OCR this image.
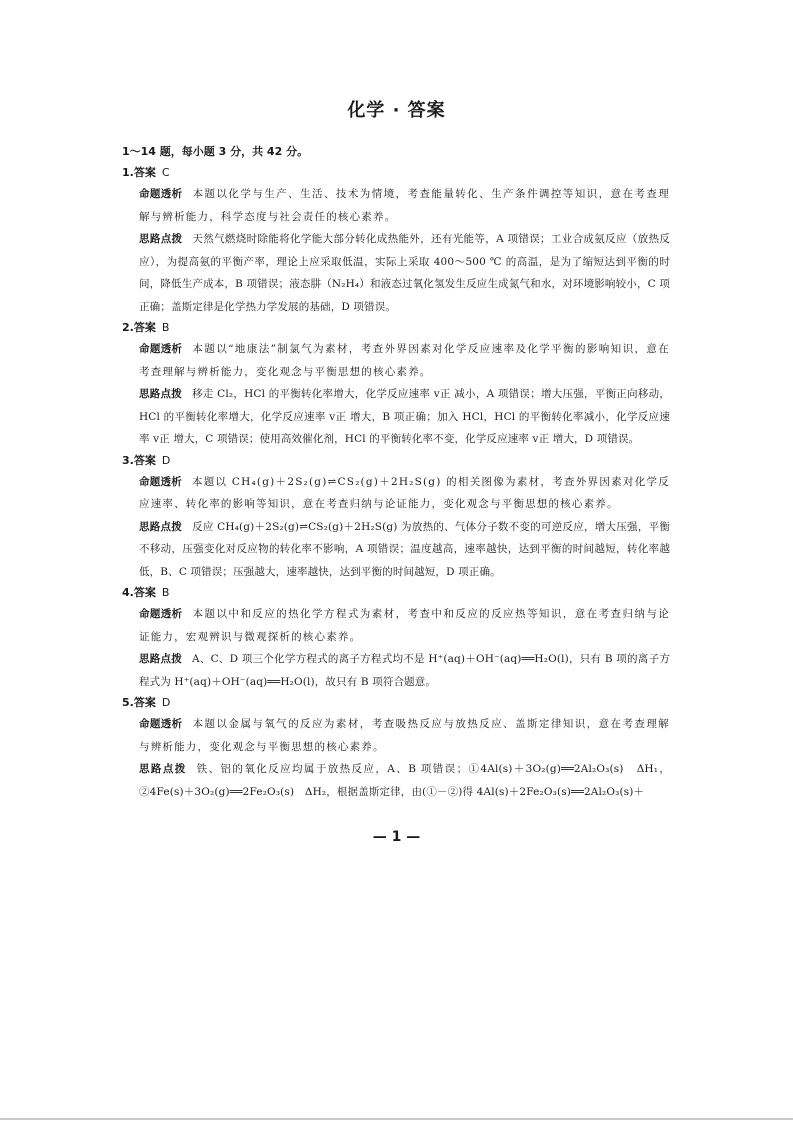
化学 · 答案
1～14 题，每小题 3 分，共 42 分。
1.答案 C

命题透析 本题以化学与生产、生活、技术为情境，考查能量转化、生产条件调控等知识，意在考查理解与辨析能力，科学态度与社会责任的核心素养。

思路点拨 天然气燃烧时除能将化学能大部分转化成热能外，还有光能等，A 项错误；工业合成氨反应（放热反应），为提高氨的平衡产率，理论上应采取低温，实际上采取 400～500 ℃ 的高温，是为了缩短达到平衡的时间，降低生产成本，B 项错误；液态肼（N₂H₄）和液态过氧化氢发生反应生成氮气和水，对环境影响较小，C 项正确；盖斯定律是化学热力学发展的基础，D 项错误。

2.答案 B

命题透析 本题以“地康法”制氯气为素材，考查外界因素对化学反应速率及化学平衡的影响知识，意在考查理解与辨析能力，变化观念与平衡思想的核心素养。

思路点拨 移走 Cl₂，HCl 的平衡转化率增大，化学反应速率 v正 减小，A 项错误；增大压强，平衡正向移动，HCl 的平衡转化率增大，化学反应速率 v正 增大，B 项正确；加入 HCl，HCl 的平衡转化率减小，化学反应速率 v正 增大，C 项错误；使用高效催化剂，HCl 的平衡转化率不变，化学反应速率 v正 增大，D 项错误。

3.答案 D

命题透析 本题以 CH₄(g)＋2S₂(g)⇌CS₂(g)＋2H₂S(g) 的相关图像为素材，考查外界因素对化学反应速率、转化率的影响等知识，意在考查归纳与论证能力，变化观念与平衡思想的核心素养。

思路点拨 反应 CH₄(g)＋2S₂(g)⇌CS₂(g)＋2H₂S(g) 为放热的、气体分子数不变的可逆反应，增大压强，平衡不移动，压强变化对反应物的转化率不影响，A 项错误；温度越高，速率越快，达到平衡的时间越短，转化率越低，B、C 项错误；压强越大，速率越快，达到平衡的时间越短，D 项正确。

4.答案 B

命题透析 本题以中和反应的热化学方程式为素材，考查中和反应的反应热等知识，意在考查归纳与论证能力，宏观辨识与微观探析的核心素养。

思路点拨 A、C、D 项三个化学方程式的离子方程式均不是 H⁺(aq)＋OH⁻(aq)══H₂O(l)，只有 B 项的离子方程式为 H⁺(aq)＋OH⁻(aq)══H₂O(l)，故只有 B 项符合题意。

5.答案 D

命题透析 本题以金属与氧气的反应为素材，考查吸热反应与放热反应、盖斯定律知识，意在考查理解与辨析能力，变化观念与平衡思想的核心素养。

思路点拨 铁、铝的氧化反应均属于放热反应，A、B 项错误；①4Al(s)＋3O₂(g)══2Al₂O₃(s)　ΔH₁，②4Fe(s)＋3O₂(g)══2Fe₂O₃(s)　ΔH₂，根据盖斯定律，由(①－②)得 4Al(s)＋2Fe₂O₃(s)══2Al₂O₃(s)＋

— 1 —
